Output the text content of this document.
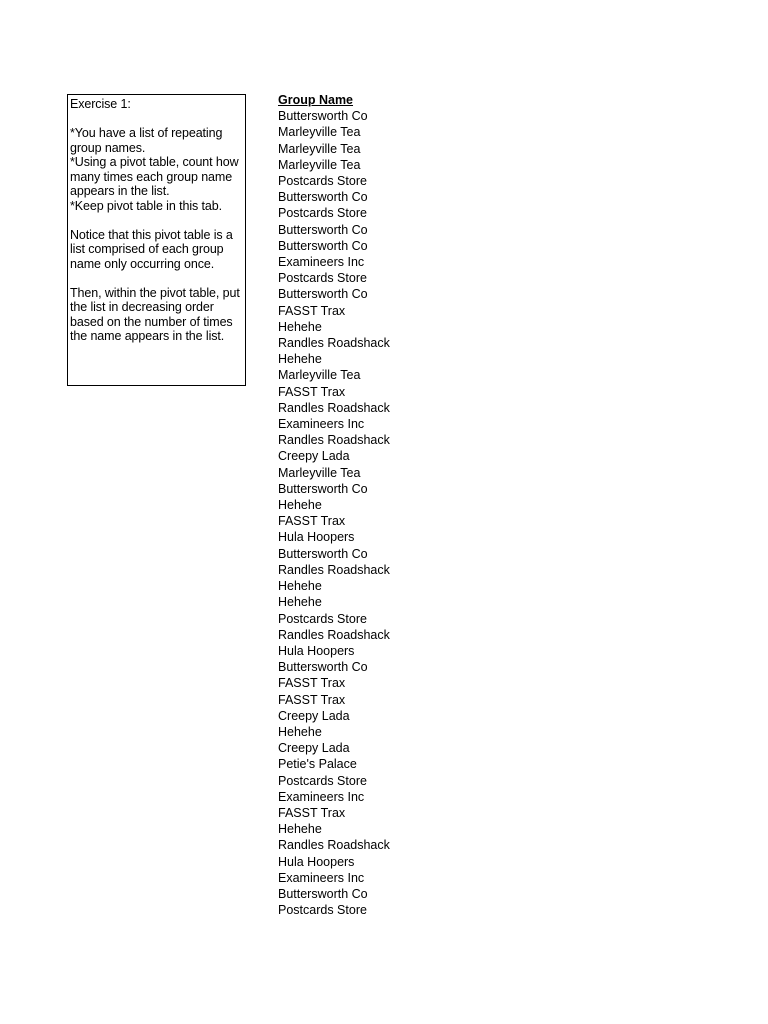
Exercise 1:
*You have a list of repeating
group names.
*Using a pivot table, count how
many times each group name
appears in the list.
*Keep pivot table in this tab.
Notice that this pivot table is a
list comprised of each group
name only occurring once.
Then, within the pivot table, put
the list in decreasing order
based on the number of times
the name appears in the list.
Group Name
Buttersworth Co
Marleyville Tea
Marleyville Tea
Marleyville Tea
Postcards Store
Buttersworth Co
Postcards Store
Buttersworth Co
Buttersworth Co
Examineers Inc
Postcards Store
Buttersworth Co
FASST Trax
Hehehe
Randles Roadshack
Hehehe
Marleyville Tea
FASST Trax
Randles Roadshack
Examineers Inc
Randles Roadshack
Creepy Lada
Marleyville Tea
Buttersworth Co
Hehehe
FASST Trax
Hula Hoopers
Buttersworth Co
Randles Roadshack
Hehehe
Hehehe
Postcards Store
Randles Roadshack
Hula Hoopers
Buttersworth Co
FASST Trax
FASST Trax
Creepy Lada
Hehehe
Creepy Lada
Petie's Palace
Postcards Store
Examineers Inc
FASST Trax
Hehehe
Randles Roadshack
Hula Hoopers
Examineers Inc
Buttersworth Co
Postcards Store
